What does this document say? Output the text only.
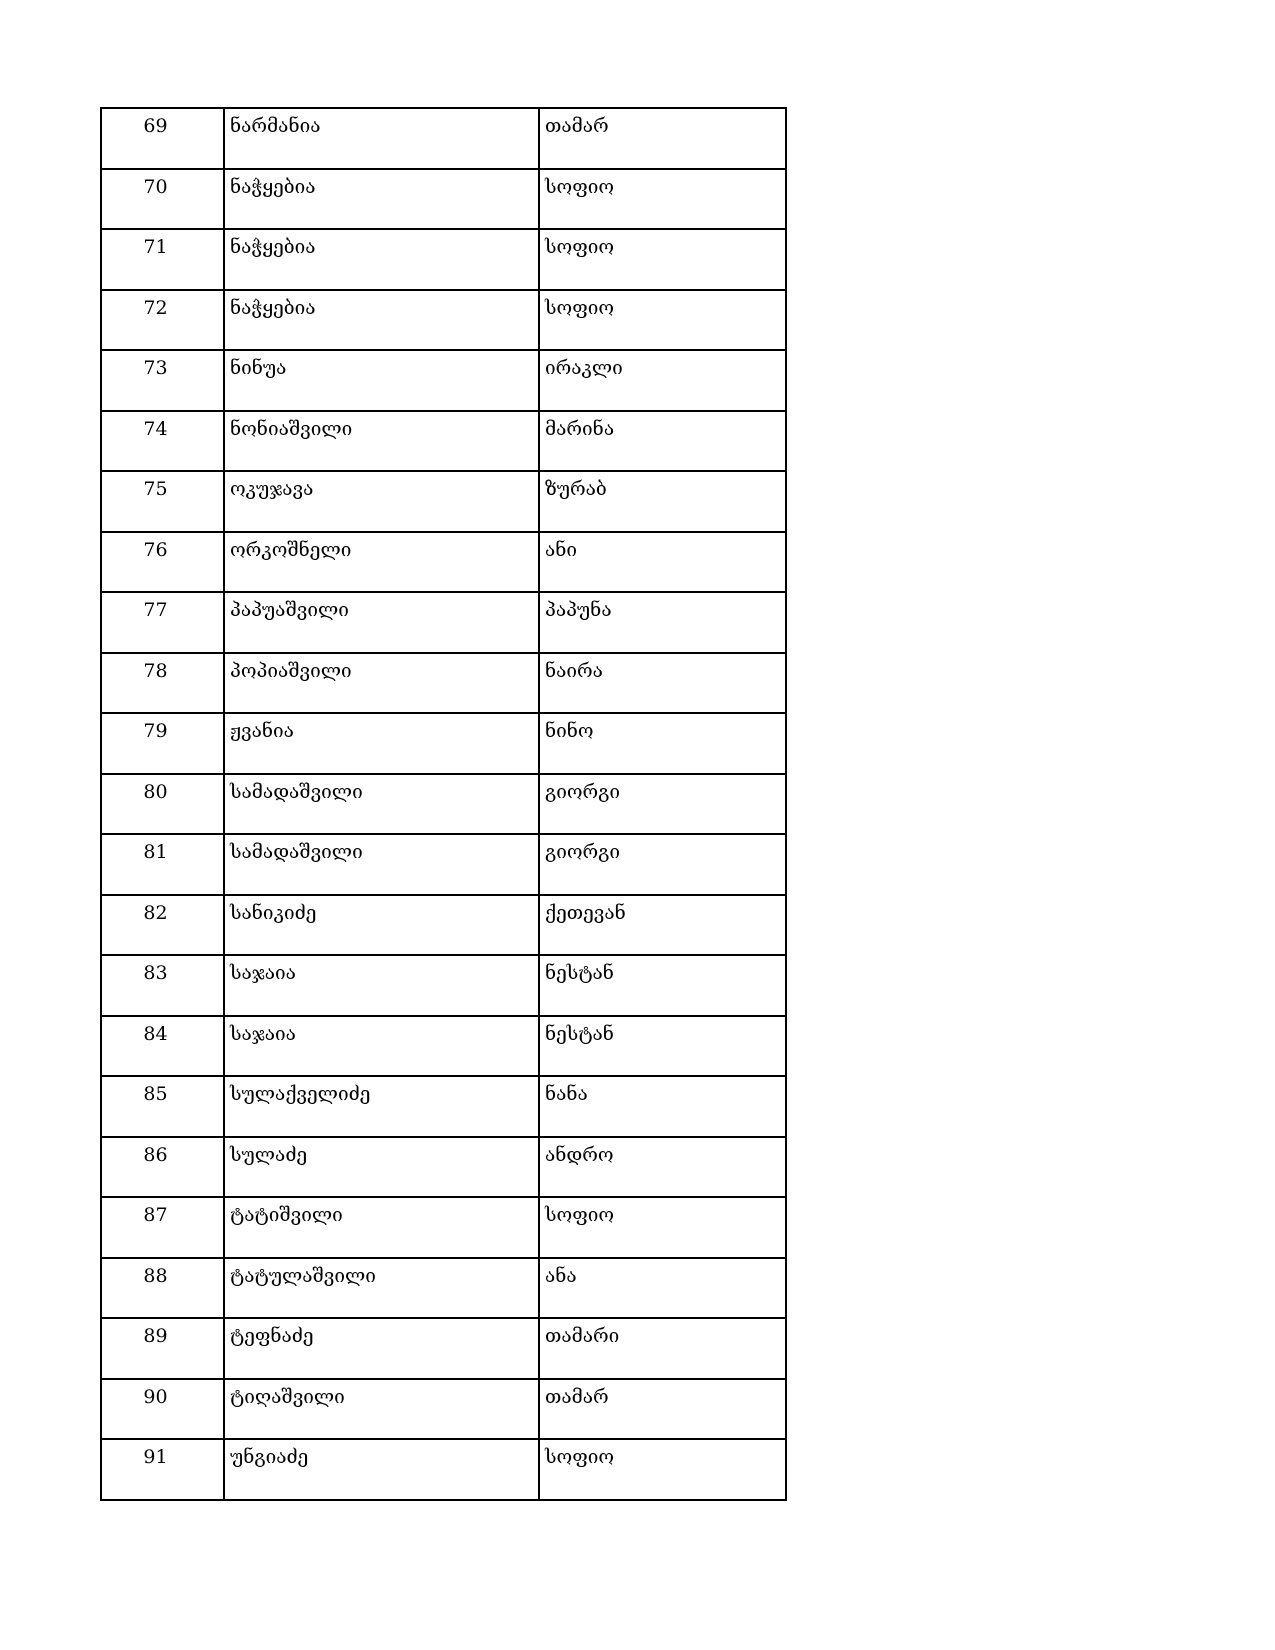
69	ნარმანია	თამარ
70	ნაჭყებია	სოფიო
71	ნაჭყებია	სოფიო
72	ნაჭყებია	სოფიო
73	ნინუა	ირაკლი
74	ნონიაშვილი	მარინა
75	ოკუჯავა	ზურაბ
76	ორკოშნელი	ანი
77	პაპუაშვილი	პაპუნა
78	პოპიაშვილი	ნაირა
79	ჟვანია	ნინო
80	სამადაშვილი	გიორგი
81	სამადაშვილი	გიორგი
82	სანიკიძე	ქეთევან
83	საჯაია	ნესტან
84	საჯაია	ნესტან
85	სულაქველიძე	ნანა
86	სულაძე	ანდრო
87	ტატიშვილი	სოფიო
88	ტატულაშვილი	ანა
89	ტეფნაძე	თამარი
90	ტიღაშვილი	თამარ
91	უნგიაძე	სოფიო
